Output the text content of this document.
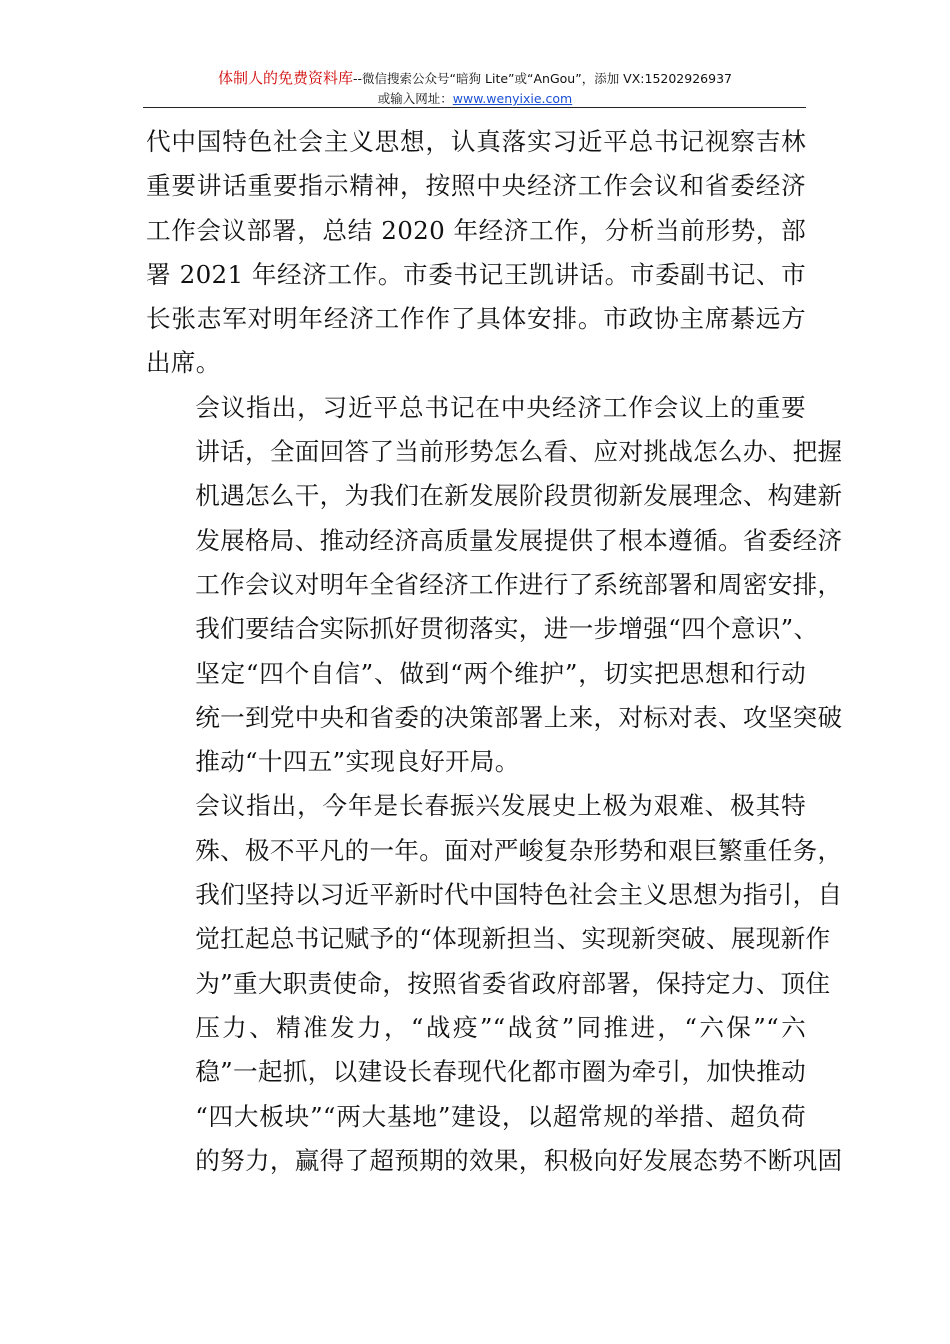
体制人的免费资料库--微信搜索公众号“暗狗 Lite”或“AnGou”，添加 VX:15202926937
或输入网址：www.wenyixie.com
代中国特色社会主义思想，认真落实习近平总书记视察吉林
重要讲话重要指示精神，按照中央经济工作会议和省委经济
工作会议部署，总结 2020 年经济工作，分析当前形势，部
署 2021 年经济工作。市委书记王凯讲话。市委副书记、市
长张志军对明年经济工作作了具体安排。市政协主席綦远方
出席。
会议指出，习近平总书记在中央经济工作会议上的重要
讲话，全面回答了当前形势怎么看、应对挑战怎么办、把握
机遇怎么干，为我们在新发展阶段贯彻新发展理念、构建新
发展格局、推动经济高质量发展提供了根本遵循。省委经济
工作会议对明年全省经济工作进行了系统部署和周密安排，
我们要结合实际抓好贯彻落实，进一步增强“四个意识”、
坚定“四个自信”、做到“两个维护”，切实把思想和行动
统一到党中央和省委的决策部署上来，对标对表、攻坚突破
推动“十四五”实现良好开局。
会议指出，今年是长春振兴发展史上极为艰难、极其特
殊、极不平凡的一年。面对严峻复杂形势和艰巨繁重任务，
我们坚持以习近平新时代中国特色社会主义思想为指引，自
觉扛起总书记赋予的“体现新担当、实现新突破、展现新作
为”重大职责使命，按照省委省政府部署，保持定力、顶住
压力、精准发力，“战疫”“战贫”同推进，“六保”“六
稳”一起抓，以建设长春现代化都市圈为牵引，加快推动
“四大板块”“两大基地”建设，以超常规的举措、超负荷
的努力，赢得了超预期的效果，积极向好发展态势不断巩固
